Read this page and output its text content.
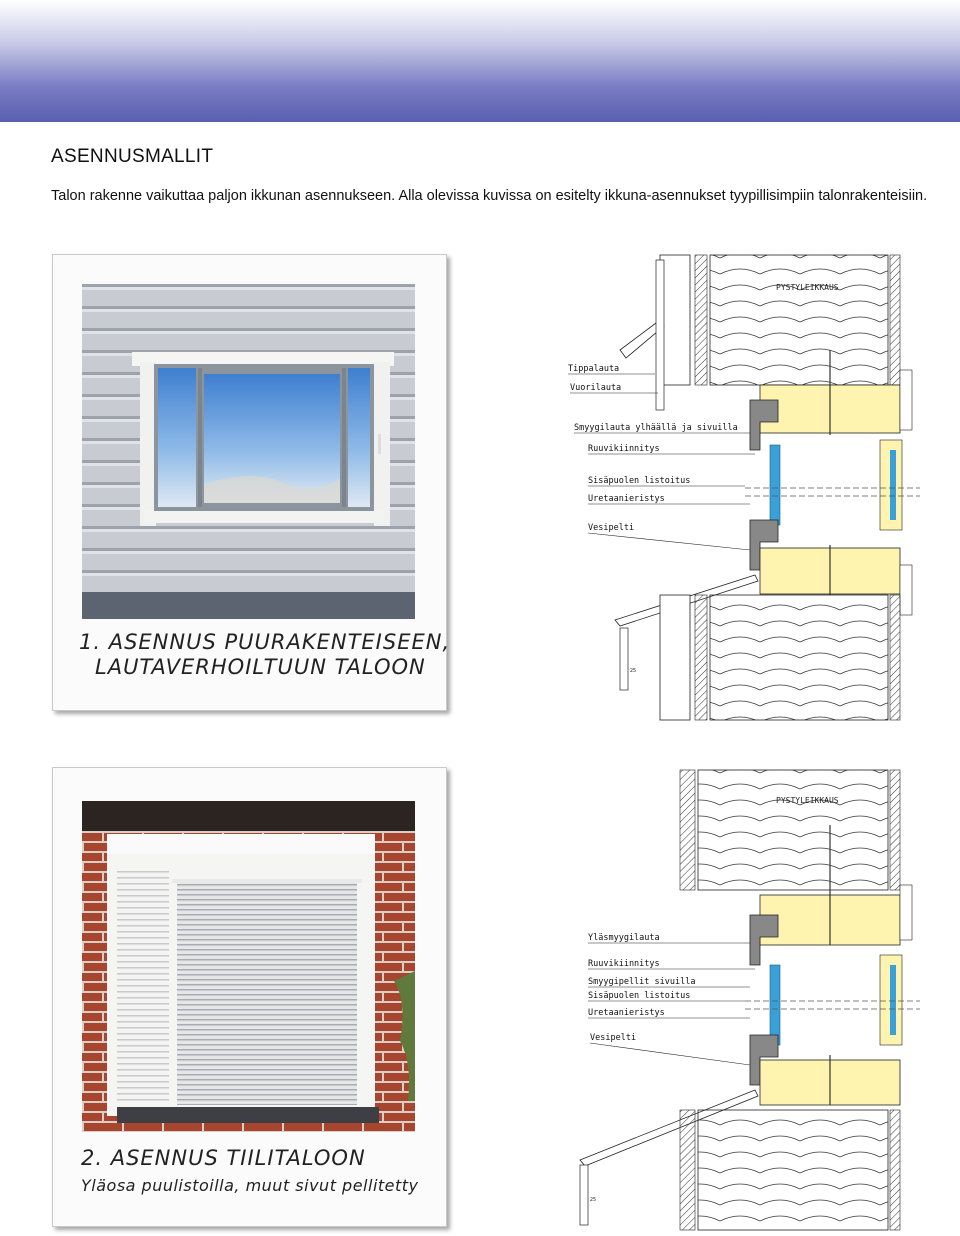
ASENNUSMALLIT
Talon rakenne vaikuttaa paljon ikkunan asennukseen. Alla olevissa kuvissa on esitelty ikkuna-asennukset tyypillisimpiin talonrakenteisiin.
1. ASENNUS PUURAKENTEISEEN,
LAUTAVERHOILTUUN TALOON
PYSTYLEIKKAUS
Tippalauta
Vuorilauta
Smyygilauta ylhäällä ja sivuilla
Ruuvikiinnitys
Sisäpuolen listoitus
Uretaanieristys
Vesipelti
25
2. ASENNUS TIILITALOON
Yläosa puulistoilla, muut sivut pellitetty
PYSTYLEIKKAUS
Yläsmyygilauta
Ruuvikiinnitys
Smyygipellit sivuilla
Sisäpuolen listoitus
Uretaanieristys
Vesipelti
25
